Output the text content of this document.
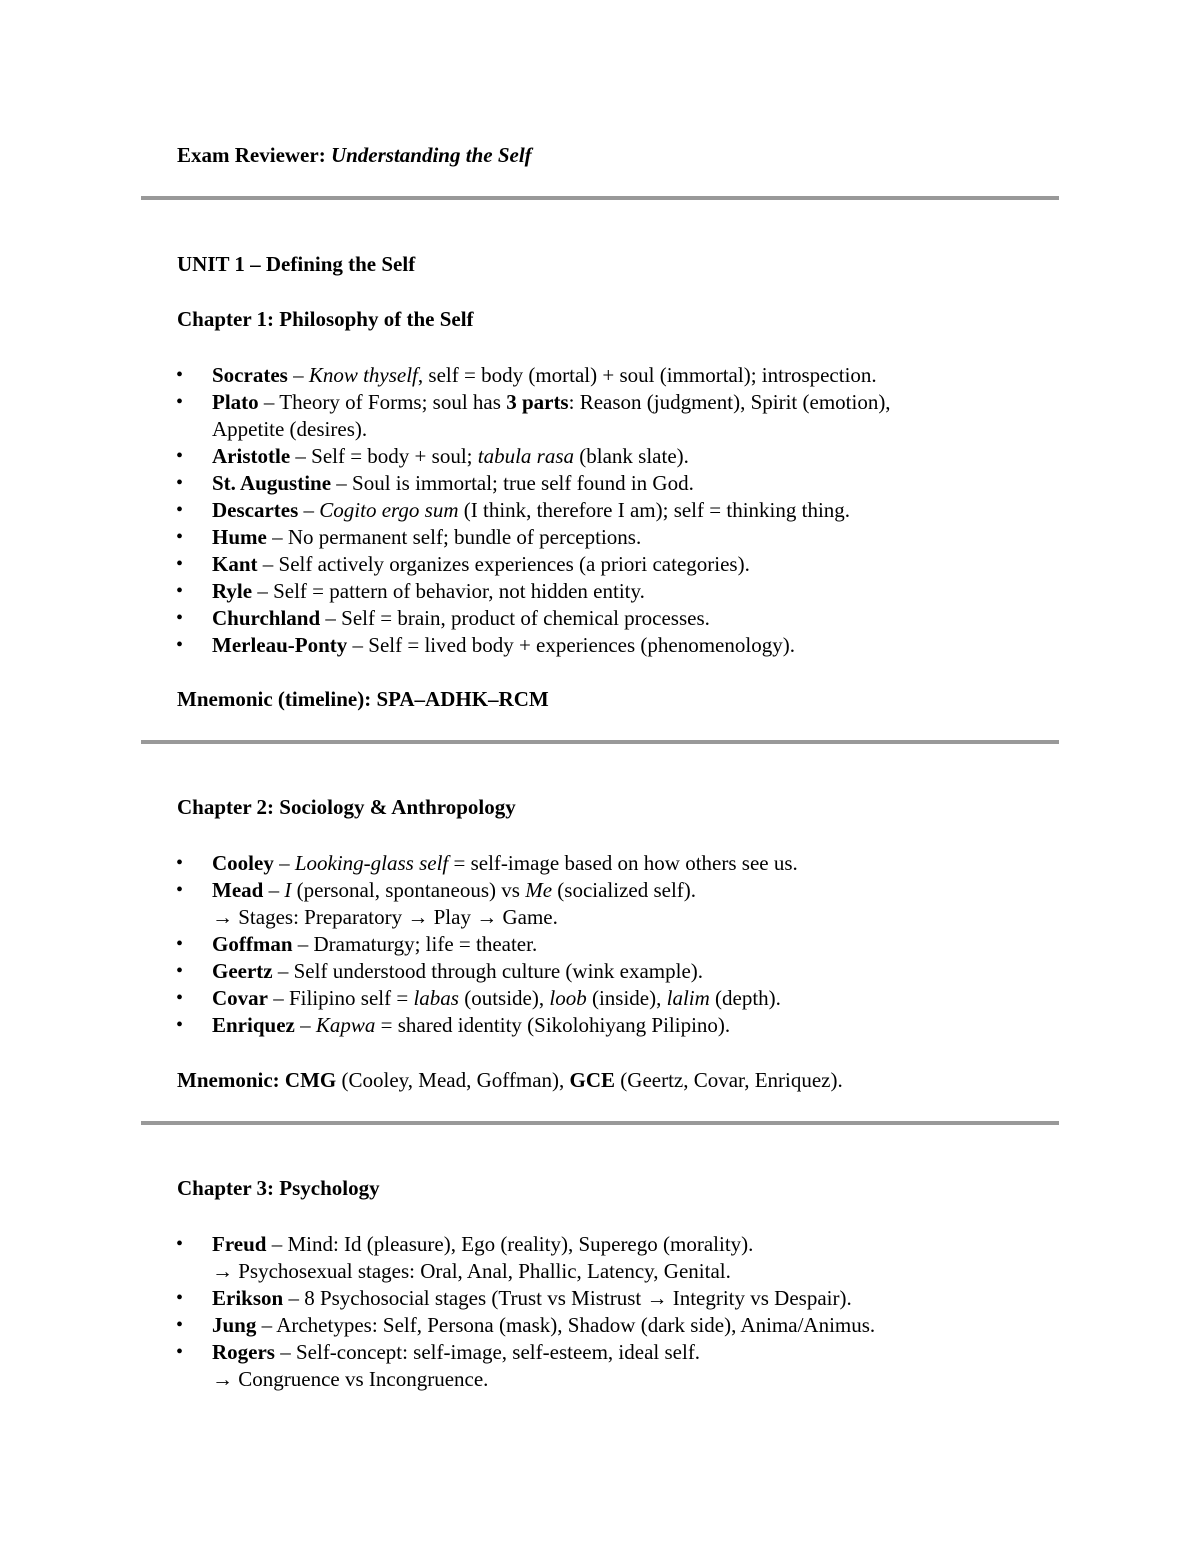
Exam Reviewer: Understanding the Self
UNIT 1 – Defining the Self
Chapter 1: Philosophy of the Self
• Socrates – Know thyself, self = body (mortal) + soul (immortal); introspection.
• Plato – Theory of Forms; soul has 3 parts: Reason (judgment), Spirit (emotion),
Appetite (desires).
• Aristotle – Self = body + soul; tabula rasa (blank slate).
• St. Augustine – Soul is immortal; true self found in God.
• Descartes – Cogito ergo sum (I think, therefore I am); self = thinking thing.
• Hume – No permanent self; bundle of perceptions.
• Kant – Self actively organizes experiences (a priori categories).
• Ryle – Self = pattern of behavior, not hidden entity.
• Churchland – Self = brain, product of chemical processes.
• Merleau-Ponty – Self = lived body + experiences (phenomenology).
Mnemonic (timeline): SPA–ADHK–RCM
Chapter 2: Sociology & Anthropology
• Cooley – Looking-glass self = self-image based on how others see us.
• Mead – I (personal, spontaneous) vs Me (socialized self).
→ Stages: Preparatory → Play → Game.
• Goffman – Dramaturgy; life = theater.
• Geertz – Self understood through culture (wink example).
• Covar – Filipino self = labas (outside), loob (inside), lalim (depth).
• Enriquez – Kapwa = shared identity (Sikolohiyang Pilipino).
Mnemonic: CMG (Cooley, Mead, Goffman), GCE (Geertz, Covar, Enriquez).
Chapter 3: Psychology
• Freud – Mind: Id (pleasure), Ego (reality), Superego (morality).
→ Psychosexual stages: Oral, Anal, Phallic, Latency, Genital.
• Erikson – 8 Psychosocial stages (Trust vs Mistrust → Integrity vs Despair).
• Jung – Archetypes: Self, Persona (mask), Shadow (dark side), Anima/Animus.
• Rogers – Self-concept: self-image, self-esteem, ideal self.
→ Congruence vs Incongruence.
